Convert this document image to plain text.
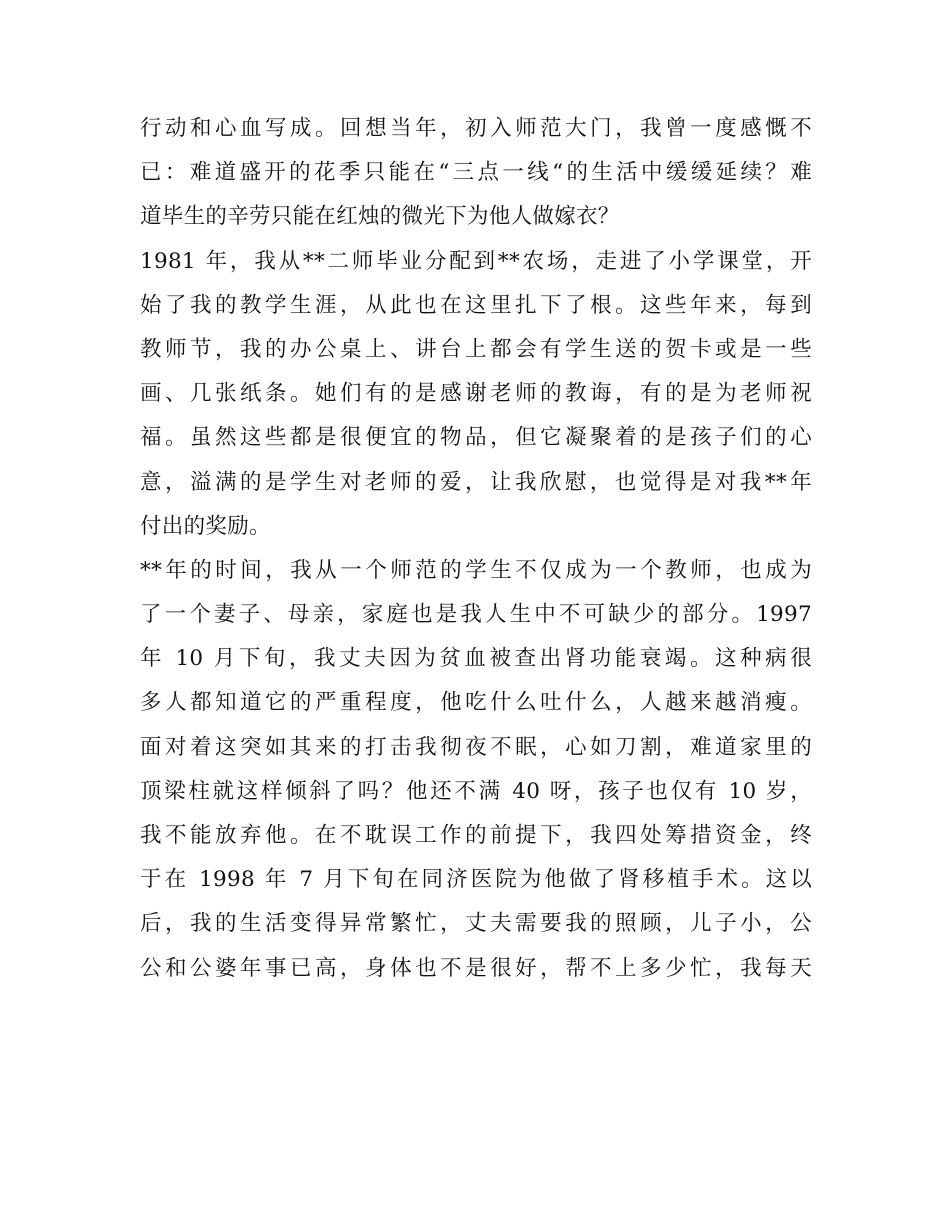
行动和心血写成。回想当年，初入师范大门，我曾一度感慨不
已：难道盛开的花季只能在“三点一线“的生活中缓缓延续？难
道毕生的辛劳只能在红烛的微光下为他人做嫁衣？
1981 年，我从**二师毕业分配到**农场，走进了小学课堂，开
始了我的教学生涯，从此也在这里扎下了根。这些年来，每到
教师节，我的办公桌上、讲台上都会有学生送的贺卡或是一些
画、几张纸条。她们有的是感谢老师的教诲，有的是为老师祝
福。虽然这些都是很便宜的物品，但它凝聚着的是孩子们的心
意，溢满的是学生对老师的爱，让我欣慰，也觉得是对我**年
付出的奖励。
**年的时间，我从一个师范的学生不仅成为一个教师，也成为
了一个妻子、母亲，家庭也是我人生中不可缺少的部分。1997
年 10 月下旬，我丈夫因为贫血被查出肾功能衰竭。这种病很
多人都知道它的严重程度，他吃什么吐什么，人越来越消瘦。
面对着这突如其来的打击我彻夜不眠，心如刀割，难道家里的
顶梁柱就这样倾斜了吗？他还不满 40 呀，孩子也仅有 10 岁，
我不能放弃他。在不耽误工作的前提下，我四处筹措资金，终
于在 1998 年 7 月下旬在同济医院为他做了肾移植手术。这以
后，我的生活变得异常繁忙，丈夫需要我的照顾，儿子小，公
公和公婆年事已高，身体也不是很好，帮不上多少忙，我每天
